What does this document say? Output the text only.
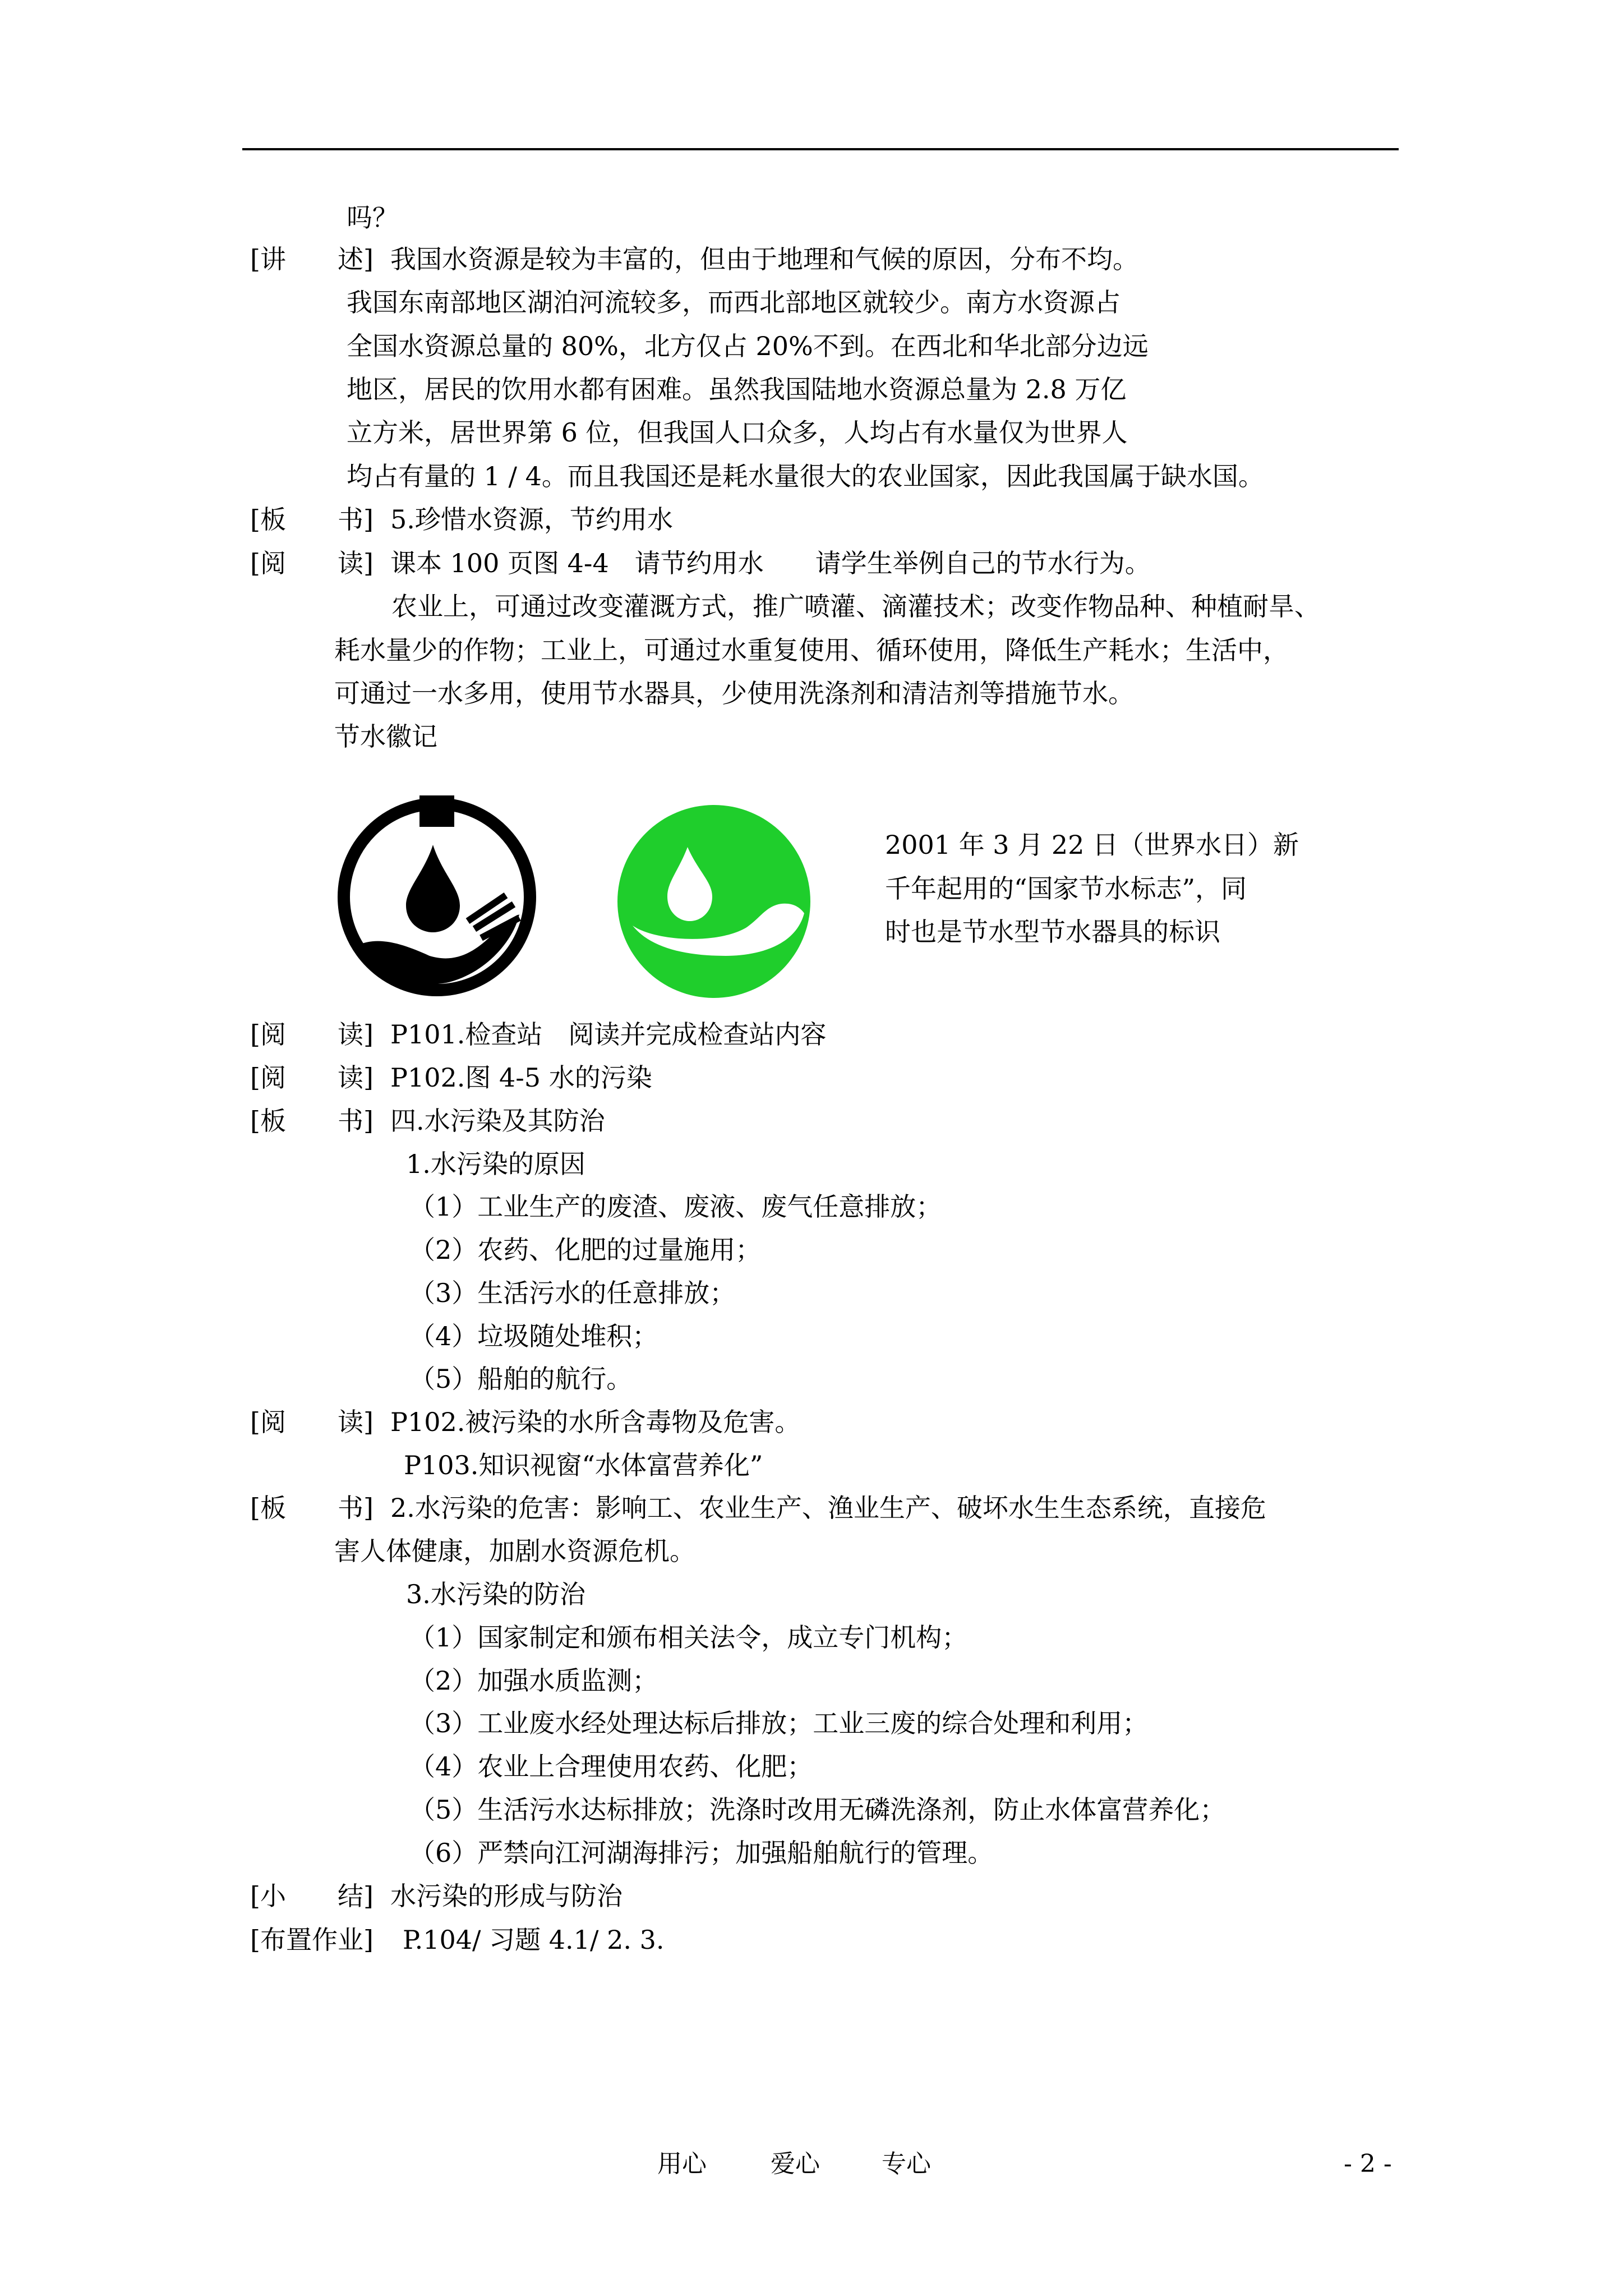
[讲　　述]
[板　　书]
[阅　　读]
[阅　　读]
[阅　　读]
[板　　书]
[阅　　读]
[板　　书]
[小　　结]
[布置作业]
吗？
我国水资源是较为丰富的，但由于地理和气候的原因，分布不均。
我国东南部地区湖泊河流较多，而西北部地区就较少。南方水资源占
全国水资源总量的 80%，北方仅占 20%不到。在西北和华北部分边远
地区，居民的饮用水都有困难。虽然我国陆地水资源总量为 2.8 万亿
立方米，居世界第 6 位，但我国人口众多，人均占有水量仅为世界人
均占有量的 1 / 4。而且我国还是耗水量很大的农业国家，因此我国属于缺水国。
5.珍惜水资源，节约用水
课本 100 页图 4-4　请节约用水　　请学生举例自己的节水行为。
农业上，可通过改变灌溉方式，推广喷灌、滴灌技术；改变作物品种、种植耐旱、
耗水量少的作物；工业上，可通过水重复使用、循环使用，降低生产耗水；生活中，
可通过一水多用，使用节水器具，少使用洗涤剂和清洁剂等措施节水。
节水徽记
2001 年 3 月 22 日（世界水日）新
千年起用的“国家节水标志”，同
时也是节水型节水器具的标识
P101.检查站　阅读并完成检查站内容
P102.图 4-5 水的污染
四.水污染及其防治
1.水污染的原因
（1）工业生产的废渣、废液、废气任意排放；
（2）农药、化肥的过量施用；
（3）生活污水的任意排放；
（4）垃圾随处堆积；
（5）船舶的航行。
P102.被污染的水所含毒物及危害。
P103.知识视窗“水体富营养化”
2.水污染的危害：影响工、农业生产、渔业生产、破坏水生生态系统，直接危
害人体健康，加剧水资源危机。
3.水污染的防治
（1）国家制定和颁布相关法令，成立专门机构；
（2）加强水质监测；
（3）工业废水经处理达标后排放；工业三废的综合处理和利用；
（4）农业上合理使用农药、化肥；
（5）生活污水达标排放；洗涤时改用无磷洗涤剂，防止水体富营养化；
（6）严禁向江河湖海排污；加强船舶航行的管理。
水污染的形成与防治
P.104/ 习题 4.1/ 2. 3.
用心	爱心	专心	- 2 -
